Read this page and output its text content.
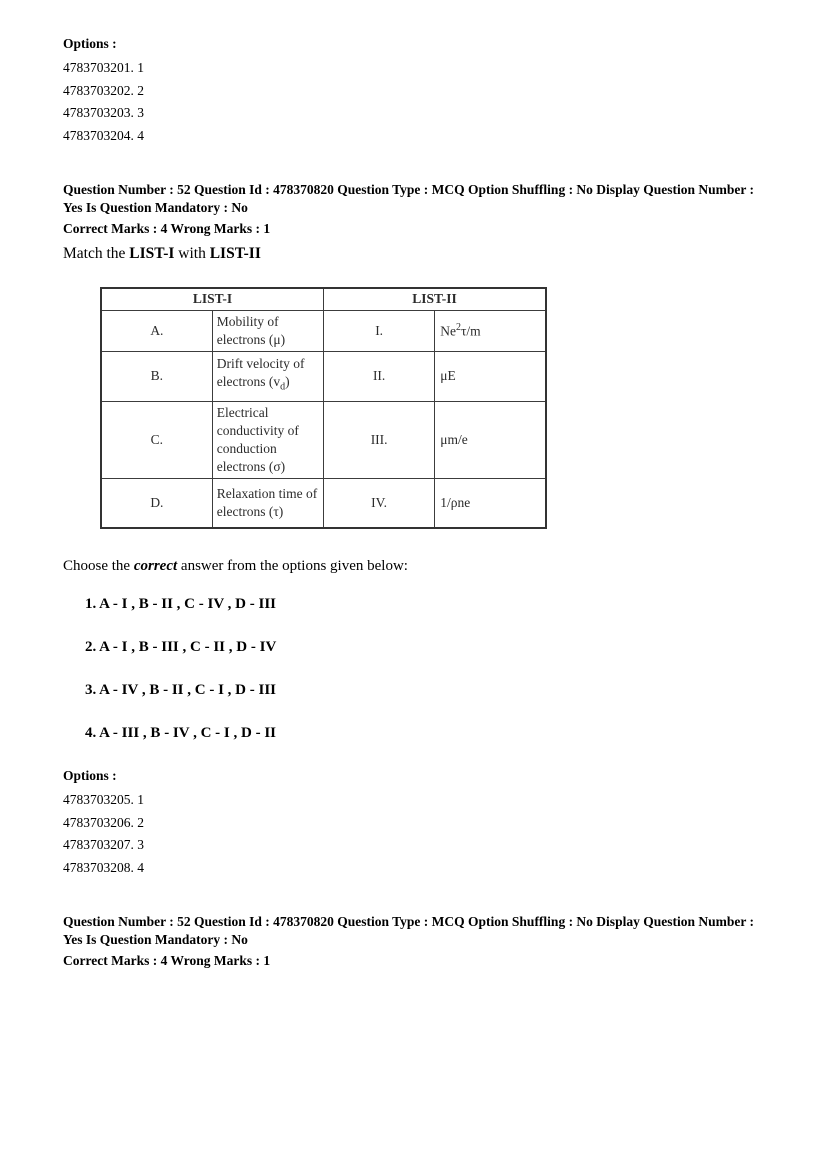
Options :
4783703201. 1
4783703202. 2
4783703203. 3
4783703204. 4
Question Number : 52 Question Id : 478370820 Question Type : MCQ Option Shuffling : No Display Question Number : Yes Is Question Mandatory : No
Correct Marks : 4 Wrong Marks : 1
Match the LIST-I with LIST-II
LIST-I		LIST-II	
A.	Mobility of electrons (μ)	I.	Ne$^2$τ/m
B.	Drift velocity of electrons $(v_d)$	II.	μE
C.	Electrical conductivity of conduction electrons (σ)	III.	μm/e
D.	Relaxation time of electrons (τ)	IV.	1/ρne
Choose the correct answer from the options given below:
1. A - I , B - II , C - IV , D - III
2. A - I , B - III , C - II , D - IV
3. A - IV , B - II , C - I , D - III
4. A - III , B - IV , C - I , D - II
Options :
4783703205. 1
4783703206. 2
4783703207. 3
4783703208. 4
Question Number : 52 Question Id : 478370820 Question Type : MCQ Option Shuffling : No Display Question Number : Yes Is Question Mandatory : No
Correct Marks : 4 Wrong Marks : 1
